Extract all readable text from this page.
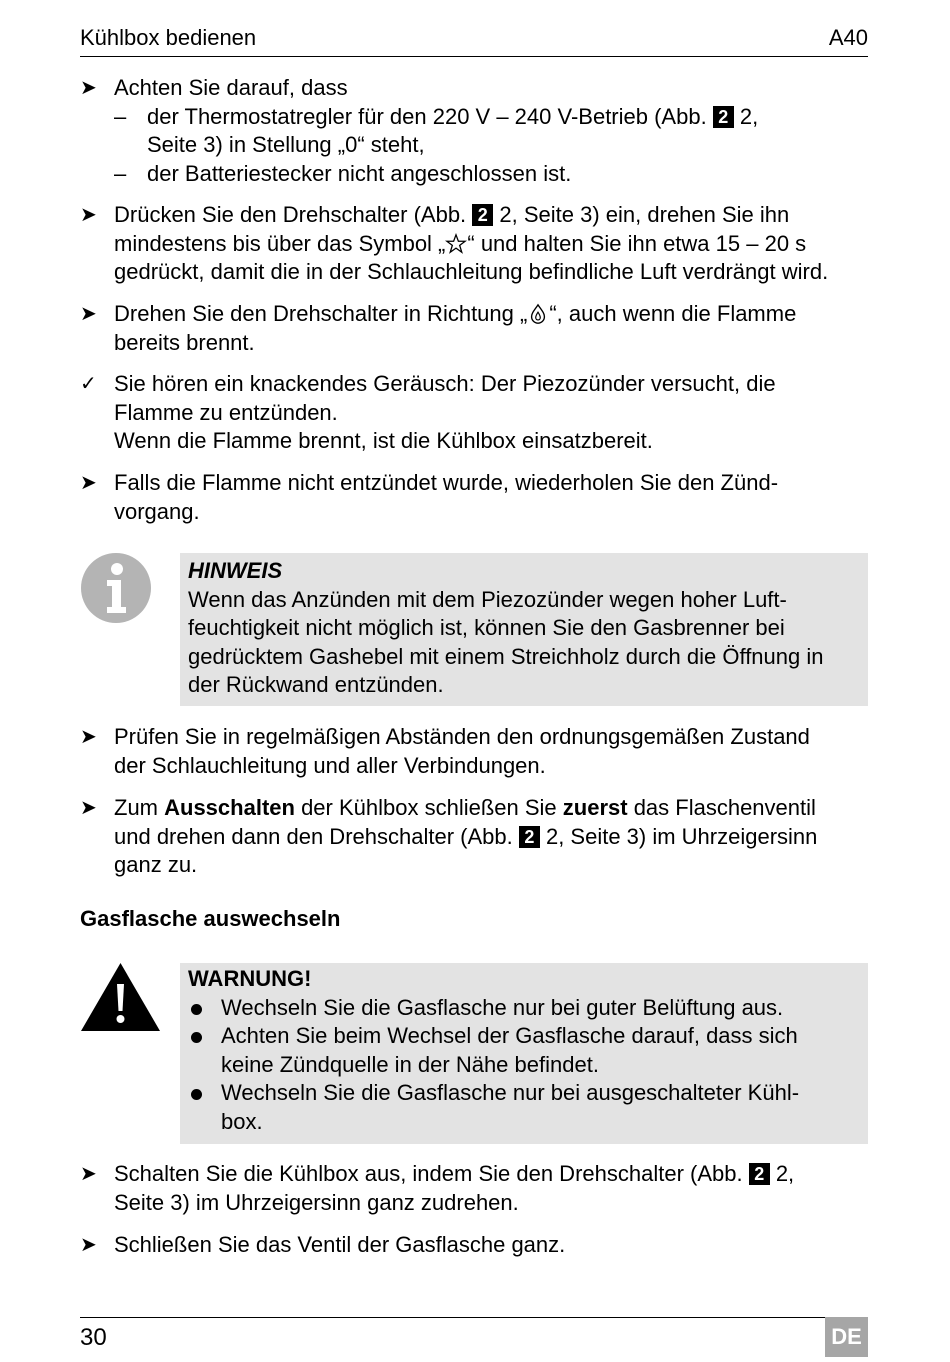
Kühlbox bedienen	A40
➤ Achten Sie darauf, dass
– der Thermostatregler für den 220 V – 240 V-Betrieb (Abb. 2 2,
Seite 3) in Stellung „0“ steht,
– der Batteriestecker nicht angeschlossen ist.
➤ Drücken Sie den Drehschalter (Abb. 2 2, Seite 3) ein, drehen Sie ihn
mindestens bis über das Symbol „ “ und halten Sie ihn etwa 15 – 20 s
gedrückt, damit die in der Schlauchleitung befindliche Luft verdrängt wird.
➤ Drehen Sie den Drehschalter in Richtung „ “, auch wenn die Flamme
bereits brennt.
✓ Sie hören ein knackendes Geräusch: Der Piezozünder versucht, die
Flamme zu entzünden.
Wenn die Flamme brennt, ist die Kühlbox einsatzbereit.
➤ Falls die Flamme nicht entzündet wurde, wiederholen Sie den Zünd-
vorgang.
HINWEIS
Wenn das Anzünden mit dem Piezozünder wegen hoher Luft-
feuchtigkeit nicht möglich ist, können Sie den Gasbrenner bei
gedrücktem Gashebel mit einem Streichholz durch die Öffnung in
der Rückwand entzünden.
➤ Prüfen Sie in regelmäßigen Abständen den ordnungsgemäßen Zustand
der Schlauchleitung und aller Verbindungen.
➤ Zum Ausschalten der Kühlbox schließen Sie zuerst das Flaschenventil
und drehen dann den Drehschalter (Abb. 2 2, Seite 3) im Uhrzeigersinn
ganz zu.
Gasflasche auswechseln
WARNUNG!
Wechseln Sie die Gasflasche nur bei guter Belüftung aus.
Achten Sie beim Wechsel der Gasflasche darauf, dass sich
keine Zündquelle in der Nähe befindet.
Wechseln Sie die Gasflasche nur bei ausgeschalteter Kühl-
box.
➤ Schalten Sie die Kühlbox aus, indem Sie den Drehschalter (Abb. 2 2,
Seite 3) im Uhrzeigersinn ganz zudrehen.
➤ Schließen Sie das Ventil der Gasflasche ganz.
30	DE
